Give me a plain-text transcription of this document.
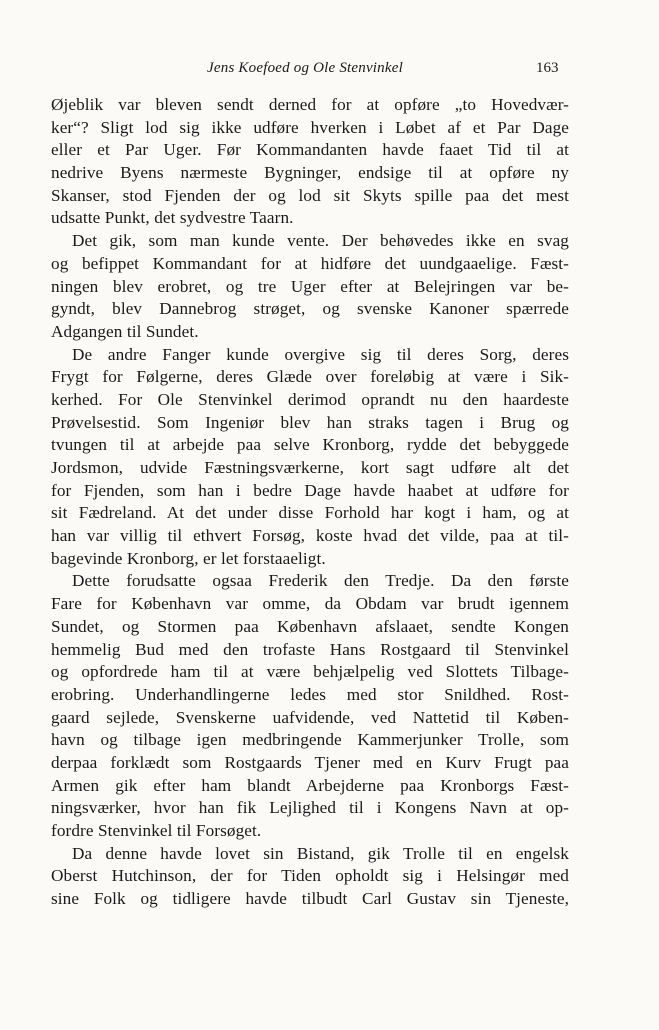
Jens Koefoed og Ole Stenvinkel	163
Øjeblik var bleven sendt derned for at opføre „to Hovedvær-
ker“? Sligt lod sig ikke udføre hverken i Løbet af et Par Dage
eller et Par Uger. Før Kommandanten havde faaet Tid til at
nedrive Byens nærmeste Bygninger, endsige til at opføre ny
Skanser, stod Fjenden der og lod sit Skyts spille paa det mest
udsatte Punkt, det sydvestre Taarn.
Det gik, som man kunde vente. Der behøvedes ikke en svag
og befippet Kommandant for at hidføre det uundgaaelige. Fæst-
ningen blev erobret, og tre Uger efter at Belejringen var be-
gyndt, blev Dannebrog strøget, og svenske Kanoner spærrede
Adgangen til Sundet.
De andre Fanger kunde overgive sig til deres Sorg, deres
Frygt for Følgerne, deres Glæde over foreløbig at være i Sik-
kerhed. For Ole Stenvinkel derimod oprandt nu den haardeste
Prøvelsestid. Som Ingeniør blev han straks tagen i Brug og
tvungen til at arbejde paa selve Kronborg, rydde det bebyggede
Jordsmon, udvide Fæstningsværkerne, kort sagt udføre alt det
for Fjenden, som han i bedre Dage havde haabet at udføre for
sit Fædreland. At det under disse Forhold har kogt i ham, og at
han var villig til ethvert Forsøg, koste hvad det vilde, paa at til-
bagevinde Kronborg, er let forstaaeligt.
Dette forudsatte ogsaa Frederik den Tredje. Da den første
Fare for København var omme, da Obdam var brudt igennem
Sundet, og Stormen paa København afslaaet, sendte Kongen
hemmelig Bud med den trofaste Hans Rostgaard til Stenvinkel
og opfordrede ham til at være behjælpelig ved Slottets Tilbage-
erobring. Underhandlingerne ledes med stor Snildhed. Rost-
gaard sejlede, Svenskerne uafvidende, ved Nattetid til Køben-
havn og tilbage igen medbringende Kammerjunker Trolle, som
derpaa forklædt som Rostgaards Tjener med en Kurv Frugt paa
Armen gik efter ham blandt Arbejderne paa Kronborgs Fæst-
ningsværker, hvor han fik Lejlighed til i Kongens Navn at op-
fordre Stenvinkel til Forsøget.
Da denne havde lovet sin Bistand, gik Trolle til en engelsk
Oberst Hutchinson, der for Tiden opholdt sig i Helsingør med
sine Folk og tidligere havde tilbudt Carl Gustav sin Tjeneste,
